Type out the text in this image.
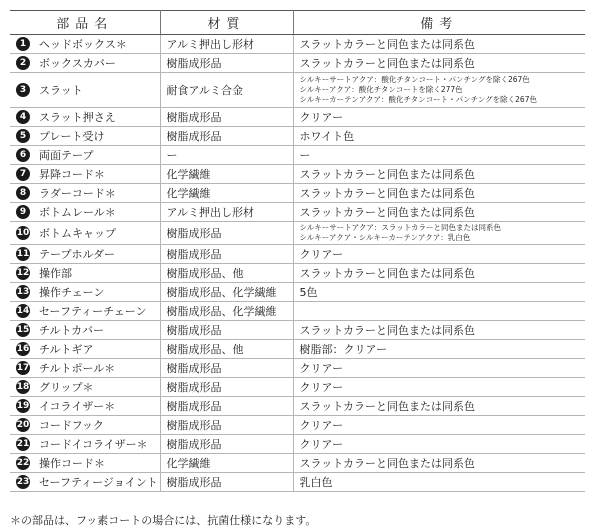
部品名	材質	備考
1 ヘッドボックス＊	アルミ押出し形材	スラットカラーと同色または同系色
2 ボックスカバー	樹脂成形品	スラットカラーと同色または同系色
3 スラット	耐食アルミ合金	シルキーサートアクア：酸化チタンコート・パンチングを除く267色
シルキーアクア：酸化チタンコートを除く277色
シルキーカーテンアクア：酸化チタンコート・パンチングを除く267色

4 スラット押さえ	樹脂成形品	クリアー
5 プレート受け	樹脂成形品	ホワイト色
6 両面テープ	ー	ー
7 昇降コード＊	化学繊維	スラットカラーと同色または同系色
8 ラダーコード＊	化学繊維	スラットカラーと同色または同系色
9 ボトムレール＊	アルミ押出し形材	スラットカラーと同色または同系色
10 ボトムキャップ	樹脂成形品	シルキーサートアクア：スラットカラーと同色または同系色
シルキーアクア・シルキーカーテンアクア：乳白色

11 テープホルダー	樹脂成形品	クリアー
12 操作部	樹脂成形品、他	スラットカラーと同色または同系色
13 操作チェーン	樹脂成形品、化学繊維	5色
14 セーフティーチェーン	樹脂成形品、化学繊維	
15 チルトカバー	樹脂成形品	スラットカラーと同色または同系色
16 チルトギア	樹脂成形品、他	樹脂部：クリアー
17 チルトポール＊	樹脂成形品	クリアー
18 グリップ＊	樹脂成形品	クリアー
19 イコライザー＊	樹脂成形品	スラットカラーと同色または同系色
20 コードフック	樹脂成形品	クリアー
21 コードイコライザー＊	樹脂成形品	クリアー
22 操作コード＊	化学繊維	スラットカラーと同色または同系色
23 セーフティージョイント	樹脂成形品	乳白色
＊の部品は、フッ素コートの場合には、抗菌仕様になります。
